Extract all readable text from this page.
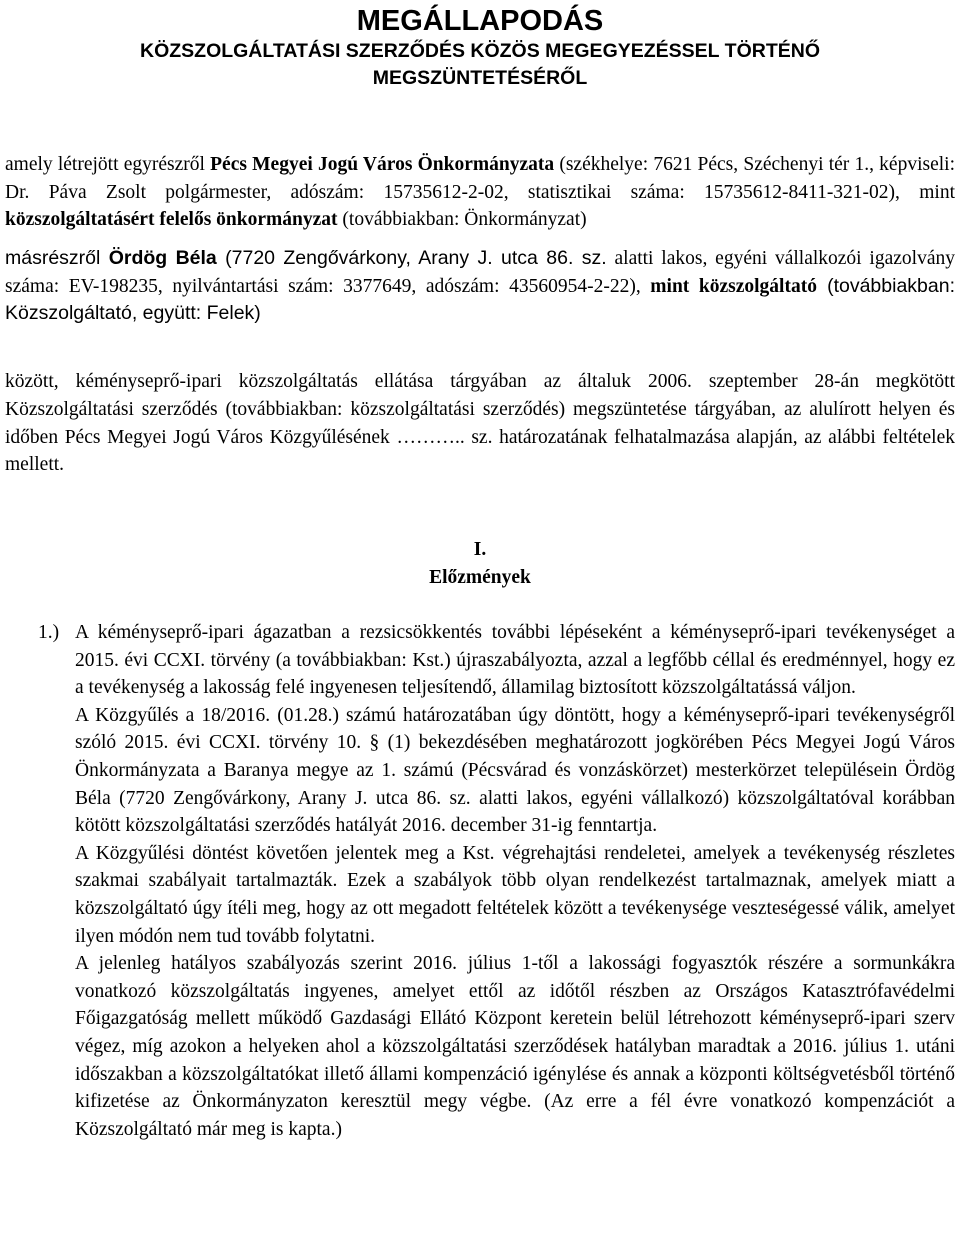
MEGÁLLAPODÁS
KÖZSZOLGÁLTATÁSI SZERZŐDÉS KÖZÖS MEGEGYEZÉSSEL TÖRTÉNŐ
MEGSZÜNTETÉSÉRŐL

amely létrejött egyrészről Pécs Megyei Jogú Város Önkormányzata (székhelye: 7621 Pécs, Széchenyi tér 1., képviseli: Dr. Páva Zsolt polgármester, adószám: 15735612-2-02, statisztikai száma: 15735612-8411-321-02), mint közszolgáltatásért felelős önkormányzat (továbbiakban: Önkormányzat)

másrészről Ördög Béla (7720 Zengővárkony, Arany J. utca 86. sz. alatti lakos, egyéni vállalkozói igazolvány száma: EV-198235, nyilvántartási szám: 3377649, adószám: 43560954-2-22), mint közszolgáltató (továbbiakban: Közszolgáltató, együtt: Felek)

között, kéményseprő-ipari közszolgáltatás ellátása tárgyában az általuk 2006. szeptember 28-án megkötött Közszolgáltatási szerződés (továbbiakban: közszolgáltatási szerződés) megszüntetése tárgyában, az alulírott helyen és időben Pécs Megyei Jogú Város Közgyűlésének ……….. sz. határozatának felhatalmazása alapján, az alábbi feltételek mellett.

I.
Előzmények
1.) A kéményseprő-ipari ágazatban a rezsicsökkentés további lépéseként a kéményseprő-ipari tevékenységet a 2015. évi CCXI. törvény (a továbbiakban: Kst.) újraszabályozta, azzal a legfőbb céllal és eredménnyel, hogy ez a tevékenység a lakosság felé ingyenesen teljesítendő, államilag biztosított közszolgáltatássá váljon.

A Közgyűlés a 18/2016. (01.28.) számú határozatában úgy döntött, hogy a kéményseprő-ipari tevékenységről szóló 2015. évi CCXI. törvény 10. § (1) bekezdésében meghatározott jogkörében Pécs Megyei Jogú Város Önkormányzata a Baranya megye az 1. számú (Pécsvárad és vonzáskörzet) mesterkörzet településein Ördög Béla (7720 Zengővárkony, Arany J. utca 86. sz. alatti lakos, egyéni vállalkozó) közszolgáltatóval korábban kötött közszolgáltatási szerződés hatályát 2016. december 31-ig fenntartja.

A Közgyűlési döntést követően jelentek meg a Kst. végrehajtási rendeletei, amelyek a tevékenység részletes szakmai szabályait tartalmazták. Ezek a szabályok több olyan rendelkezést tartalmaznak, amelyek miatt a közszolgáltató úgy ítéli meg, hogy az ott megadott feltételek között a tevékenysége veszteségessé válik, amelyet ilyen módón nem tud tovább folytatni.

A jelenleg hatályos szabályozás szerint 2016. július 1-től a lakossági fogyasztók részére a sormunkákra vonatkozó közszolgáltatás ingyenes, amelyet ettől az időtől részben az Országos Katasztrófavédelmi Főigazgatóság mellett működő Gazdasági Ellátó Központ keretein belül létrehozott kéményseprő-ipari szerv végez, míg azokon a helyeken ahol a közszolgáltatási szerződések hatályban maradtak a 2016. július 1. utáni időszakban a közszolgáltatókat illető állami kompenzáció igénylése és annak a központi költségvetésből történő kifizetése az Önkormányzaton keresztül megy végbe. (Az erre a fél évre vonatkozó kompenzációt a Közszolgáltató már meg is kapta.)
